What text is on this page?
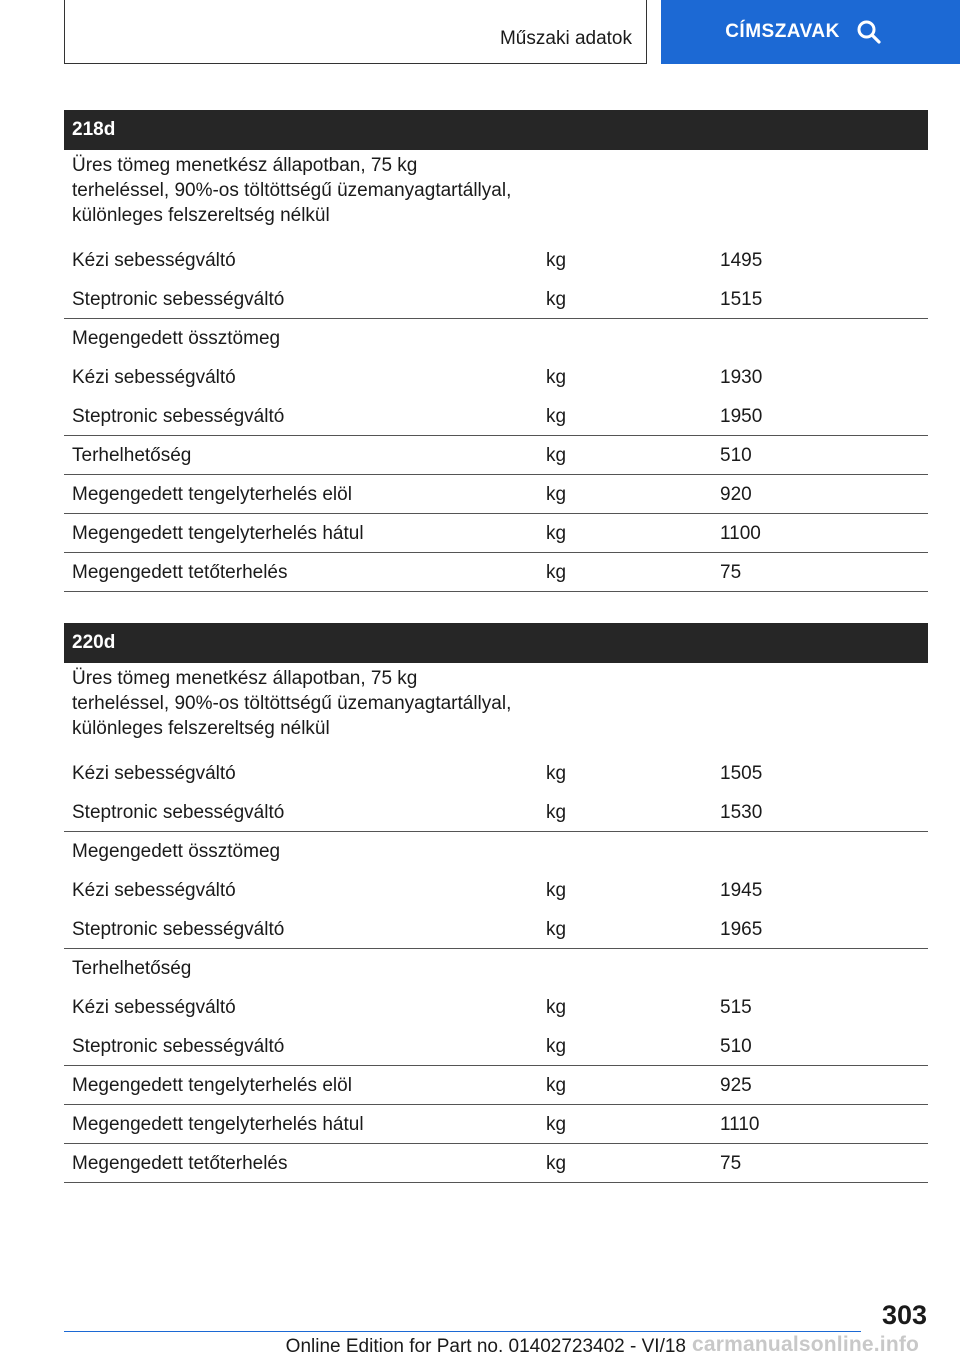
Műszaki adatok	CÍMSZAVAK
218d
Üres tömeg menetkész állapotban, 75 kg terheléssel, 90%-os töltöttségű üzemanyagtartállyal, különleges felszereltség nélkül
Kézi sebességváltó	kg	1495
Steptronic sebességváltó	kg	1515
Megengedett össztömeg
Kézi sebességváltó	kg	1930
Steptronic sebességváltó	kg	1950
Terhelhetőség	kg	510
Megengedett tengelyterhelés elöl	kg	920
Megengedett tengelyterhelés hátul	kg	1100
Megengedett tetőterhelés	kg	75
220d
Üres tömeg menetkész állapotban, 75 kg terheléssel, 90%-os töltöttségű üzemanyagtartállyal, különleges felszereltség nélkül
Kézi sebességváltó	kg	1505
Steptronic sebességváltó	kg	1530
Megengedett össztömeg
Kézi sebességváltó	kg	1945
Steptronic sebességváltó	kg	1965
Terhelhetőség
Kézi sebességváltó	kg	515
Steptronic sebességváltó	kg	510
Megengedett tengelyterhelés elöl	kg	925
Megengedett tengelyterhelés hátul	kg	1110
Megengedett tetőterhelés	kg	75
303
Online Edition for Part no. 01402723402 - VI/18 carmanualsonline.info
